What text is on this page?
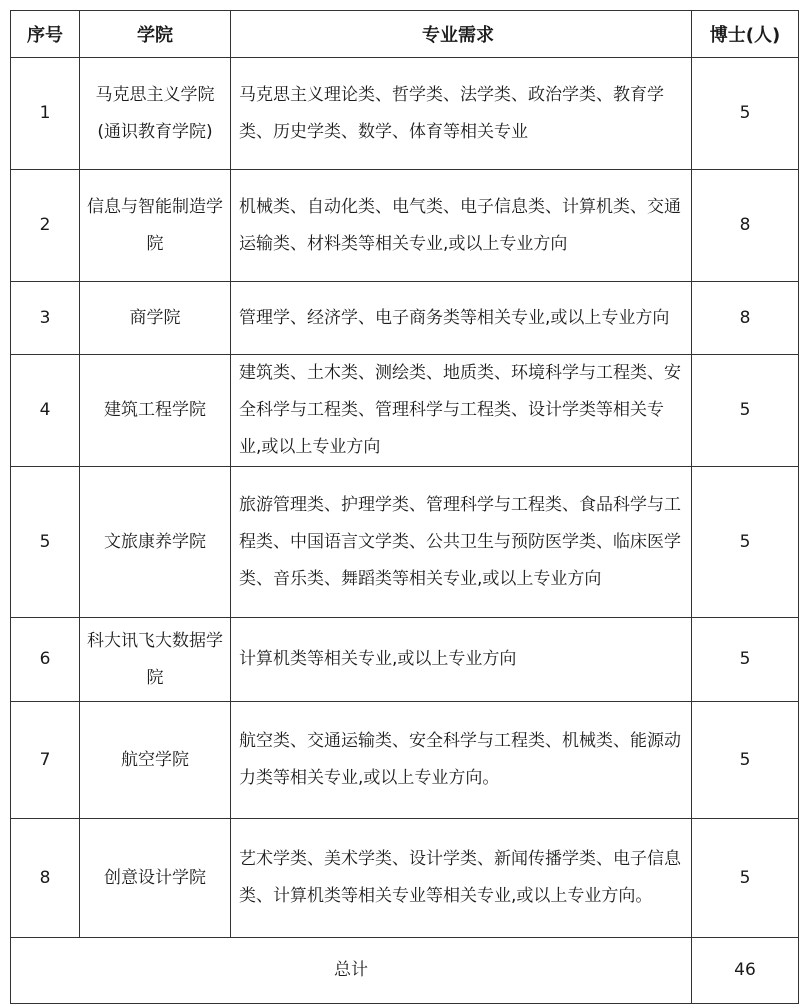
序号	学院	专业需求	博士(人)
1	马克思主义学院(通识教育学院)	马克思主义理论类、哲学类、法学类、政治学类、教育学类、历史学类、数学、体育等相关专业	5
2	信息与智能制造学院	机械类、自动化类、电气类、电子信息类、计算机类、交通运输类、材料类等相关专业,或以上专业方向	8
3	商学院	管理学、经济学、电子商务类等相关专业,或以上专业方向	8
4	建筑工程学院	建筑类、土木类、测绘类、地质类、环境科学与工程类、安全科学与工程类、管理科学与工程类、设计学类等相关专业,或以上专业方向	5
5	文旅康养学院	旅游管理类、护理学类、管理科学与工程类、食品科学与工程类、中国语言文学类、公共卫生与预防医学类、临床医学类、音乐类、舞蹈类等相关专业,或以上专业方向	5
6	科大讯飞大数据学院	计算机类等相关专业,或以上专业方向	5
7	航空学院	航空类、交通运输类、安全科学与工程类、机械类、能源动力类等相关专业,或以上专业方向。	5
8	创意设计学院	艺术学类、美术学类、设计学类、新闻传播学类、电子信息类、计算机类等相关专业等相关专业,或以上专业方向。	5
总计			46
